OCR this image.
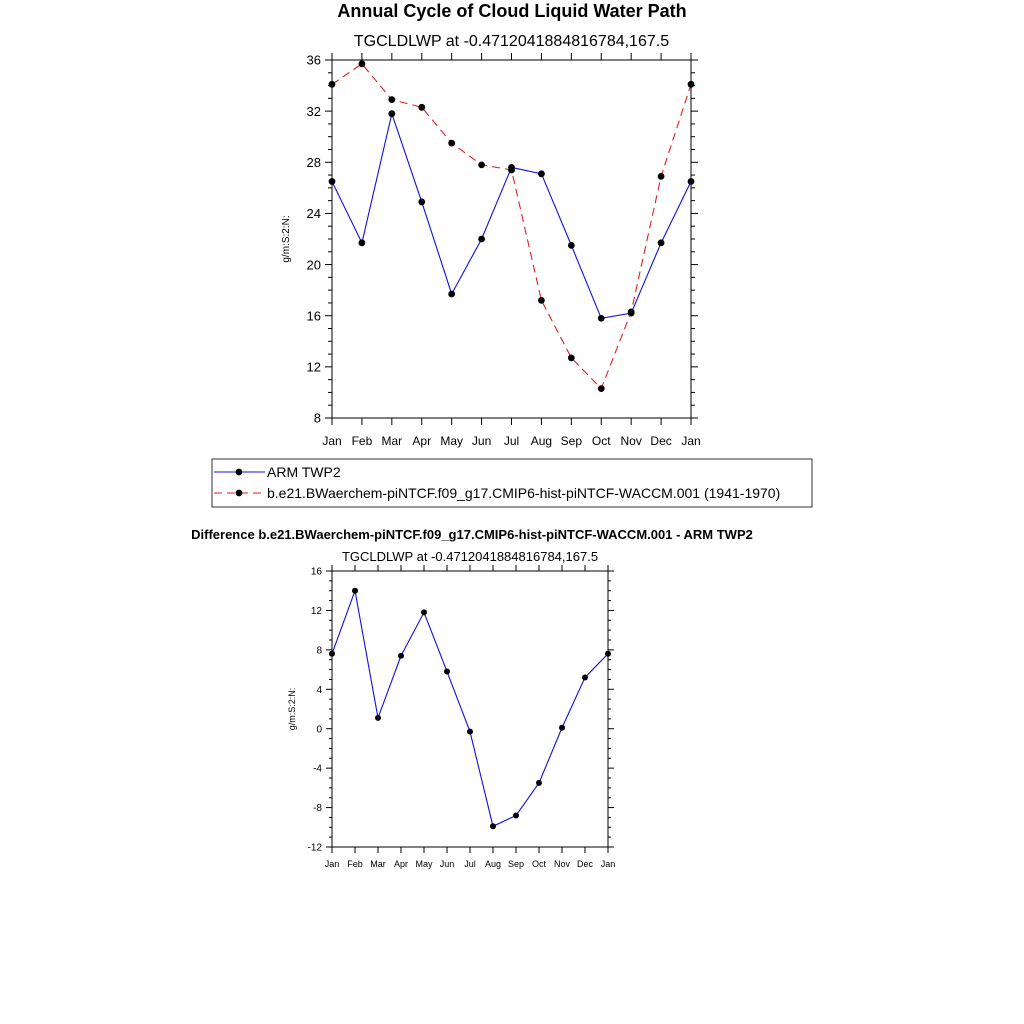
Annual Cycle of Cloud Liquid Water Path
Difference b.e21.BWaerchem-piNTCF.f09_g17.CMIP6-hist-piNTCF-WACCM.001 - ARM TWP2
TGCLDLWP at -0.4712041884816784,167.5
8
12
16
20
24
28
32
36
Jan Feb Mar Apr May Jun Jul Aug Sep Oct Nov Dec Jan
g/m:S:2:N:
ARM TWP2
b.e21.BWaerchem-piNTCF.f09_g17.CMIP6-hist-piNTCF-WACCM.001 (1941-1970)
TGCLDLWP at -0.4712041884816784,167.5
-12
-8
-4
0
4
8
12
16
Jan Feb Mar Apr May Jun Jul Aug Sep Oct Nov Dec Jan
g/m:S:2:N:
